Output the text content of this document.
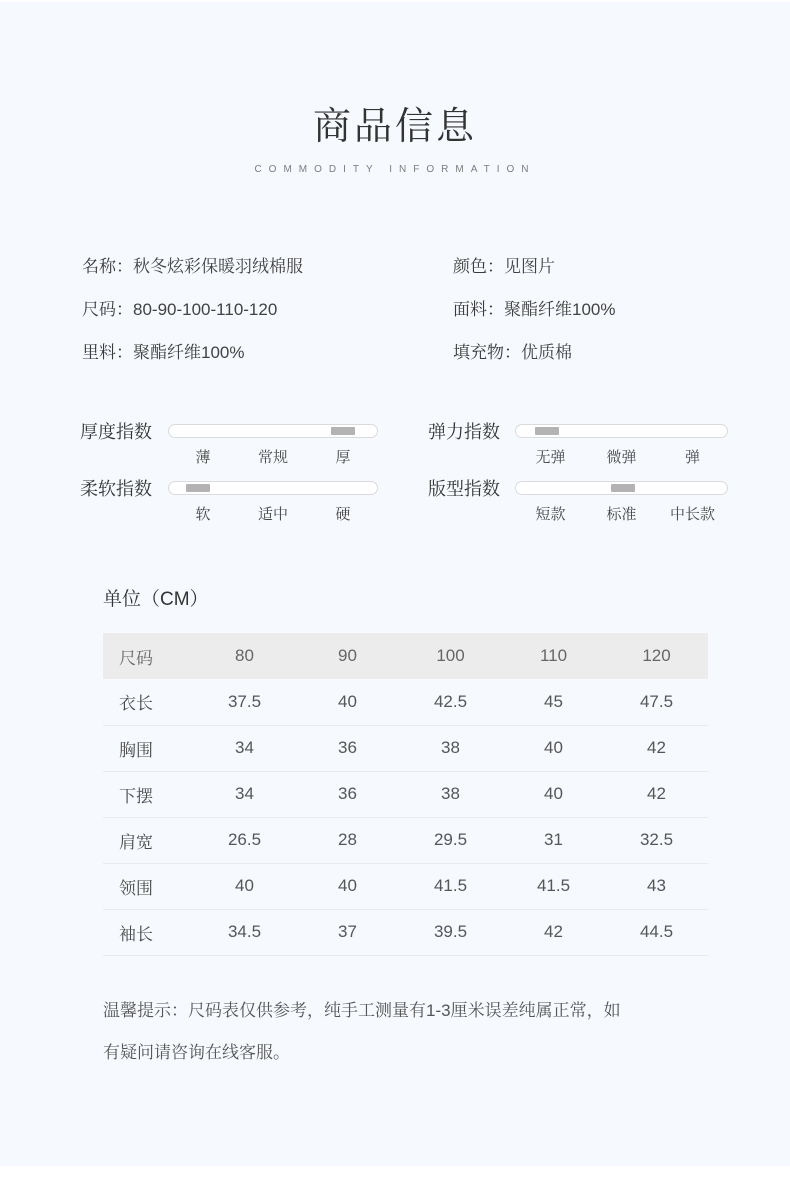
商品信息
COMMODITY INFORMATION
名称：秋冬炫彩保暖羽绒棉服	颜色：见图片
尺码：80-90-100-110-120	面料：聚酯纤维100%
里料：聚酯纤维100%	填充物：优质棉
厚度指数
薄	常规	厚
柔软指数
软	适中	硬
弹力指数
无弹	微弹	弹
版型指数
短款	标准	中长款
单位（CM）
尺码	80	90	100	110	120
衣长	37.5	40	42.5	45	47.5
胸围	34	36	38	40	42
下摆	34	36	38	40	42
肩宽	26.5	28	29.5	31	32.5
领围	40	40	41.5	41.5	43
袖长	34.5	37	39.5	42	44.5
温馨提示：尺码表仅供参考，纯手工测量有1-3厘米误差纯属正常，如
有疑问请咨询在线客服。
